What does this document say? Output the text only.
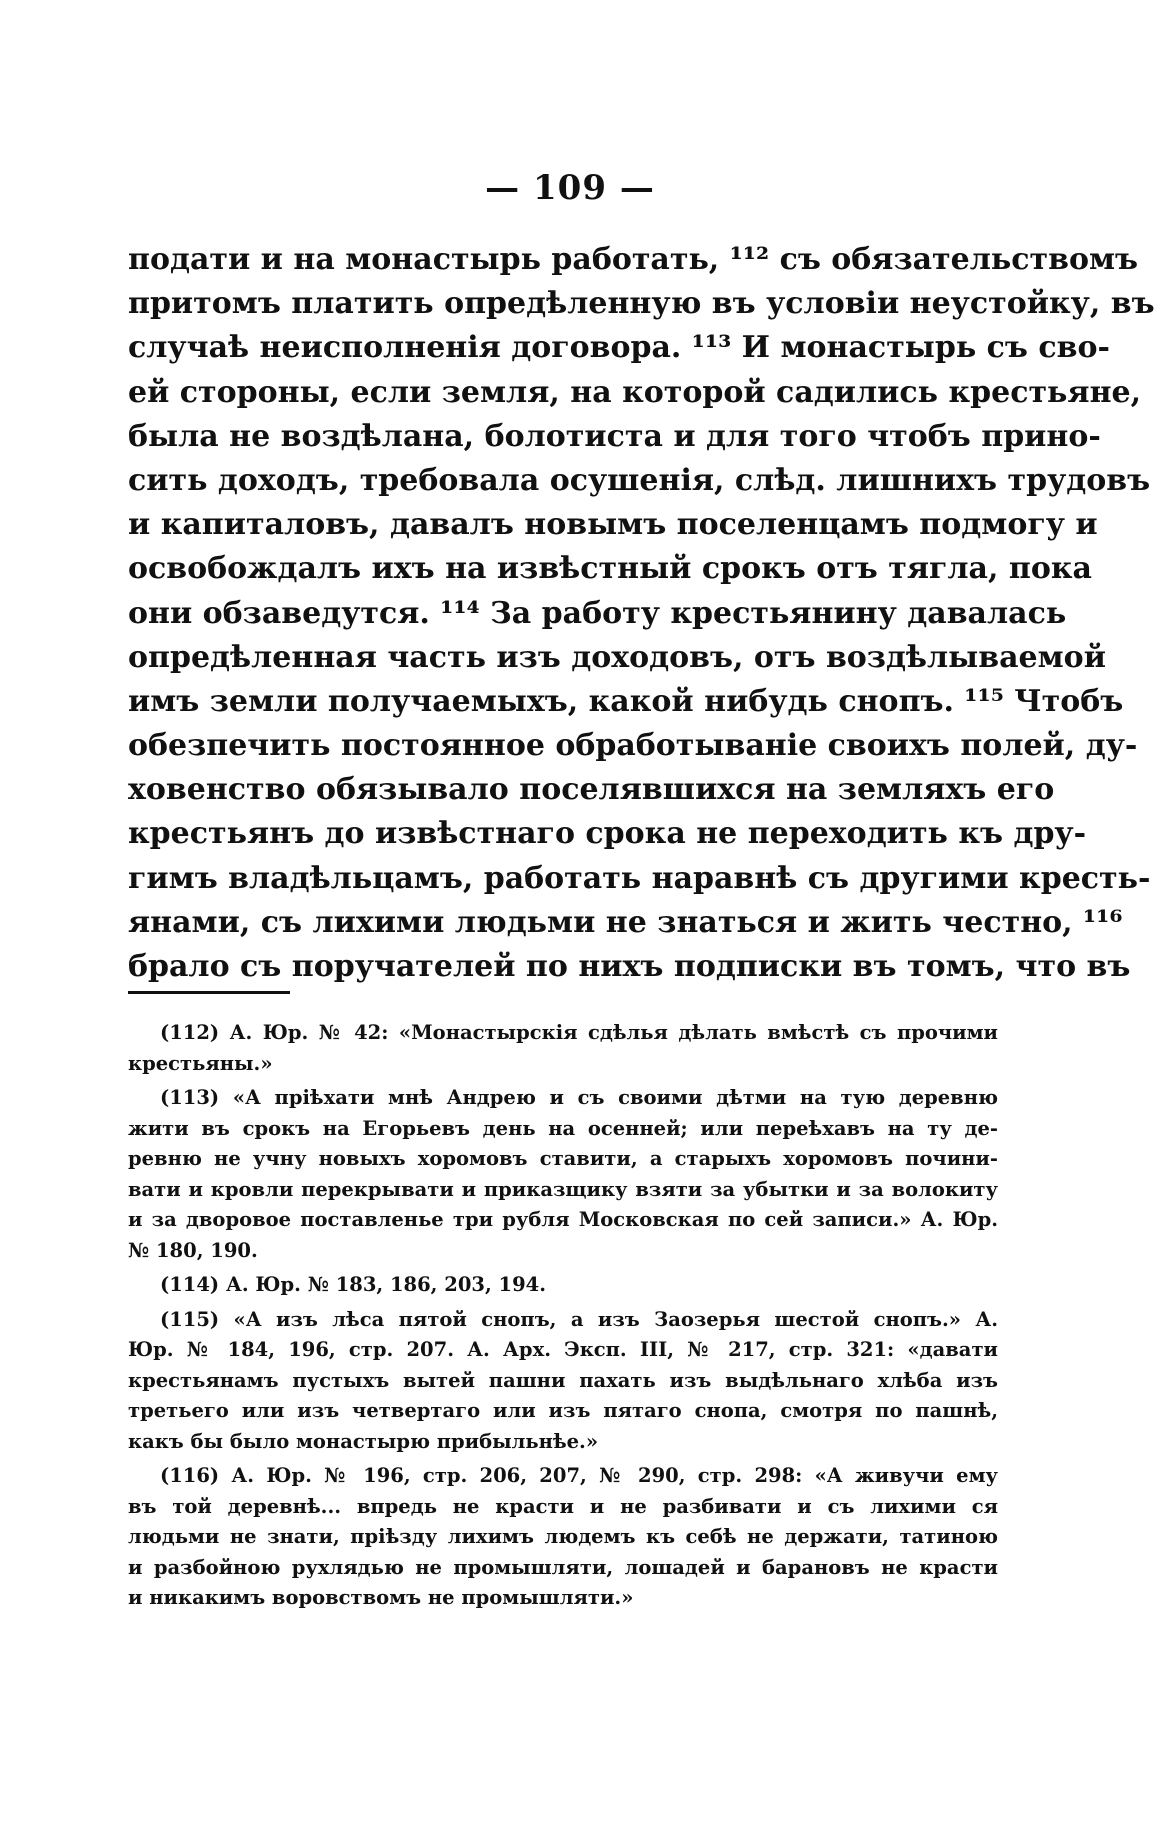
— 109 —
подати и на монастырь работать, ¹¹² съ обязательствомъ
притомъ платить опредѣленную въ условіи неустойку, въ
случаѣ неисполненія договора. ¹¹³ И монастырь съ сво-
ей стороны, если земля, на которой садились крестьяне,
была не воздѣлана, болотиста и для того чтобъ прино-
сить доходъ, требовала осушенія, слѣд. лишнихъ трудовъ
и капиталовъ, давалъ новымъ поселенцамъ подмогу и
освобождалъ ихъ на извѣстный срокъ отъ тягла, пока
они обзаведутся. ¹¹⁴ За работу крестьянину давалась
опредѣленная часть изъ доходовъ, отъ воздѣлываемой
имъ земли получаемыхъ, какой нибудь снопъ. ¹¹⁵ Чтобъ
обезпечить постоянное обработываніе своихъ полей, ду-
ховенство обязывало поселявшихся на земляхъ его
крестьянъ до извѣстнаго срока не переходить къ дру-
гимъ владѣльцамъ, работать наравнѣ съ другими кресть-
янами, съ лихими людьми не знаться и жить честно, ¹¹⁶
брало съ поручателей по нихъ подписки въ томъ, что въ
(112) А. Юр. № 42: «Монастырскія сдѣлья дѣлать вмѣстѣ съ прочими
крестьяны.»
(113) «А пріѣхати мнѣ Андрею и съ своими дѣтми на тую деревню
жити въ срокъ на Егорьевъ день на осенней; или переѣхавъ на ту де-
ревню не учну новыхъ хоромовъ ставити, а старыхъ хоромовъ почини-
вати и кровли перекрывати и приказщику взяти за убытки и за волокиту
и за дворовое поставленье три рубля Московская по сей записи.» А. Юр.
№ 180, 190.
(114) А. Юр. № 183, 186, 203, 194.
(115) «А изъ лѣса пятой снопъ, а изъ Заозерья шестой снопъ.» А.
Юр. № 184, 196, стр. 207. А. Арх. Эксп. III, № 217, стр. 321: «давати
крестьянамъ пустыхъ вытей пашни пахать изъ выдѣльнаго хлѣба изъ
третьего или изъ четвертаго или изъ пятаго снопа, смотря по пашнѣ,
какъ бы было монастырю прибыльнѣе.»
(116) А. Юр. № 196, стр. 206, 207, № 290, стр. 298: «А живучи ему
въ той деревнѣ... впредь не красти и не разбивати и съ лихими ся
людьми не знати, пріѣзду лихимъ людемъ къ себѣ не держати, татиною
и разбойною рухлядью не промышляти, лошадей и барановъ не красти
и никакимъ воровствомъ не промышляти.»
